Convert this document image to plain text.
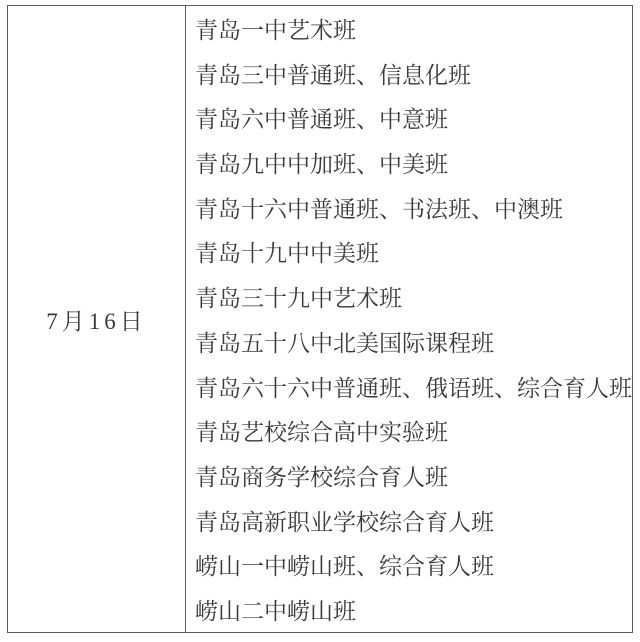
7月16日
青岛一中艺术班
青岛三中普通班、信息化班
青岛六中普通班、中意班
青岛九中中加班、中美班
青岛十六中普通班、书法班、中澳班
青岛十九中中美班
青岛三十九中艺术班
青岛五十八中北美国际课程班
青岛六十六中普通班、俄语班、综合育人班
青岛艺校综合高中实验班
青岛商务学校综合育人班
青岛高新职业学校综合育人班
崂山一中崂山班、综合育人班
崂山二中崂山班
